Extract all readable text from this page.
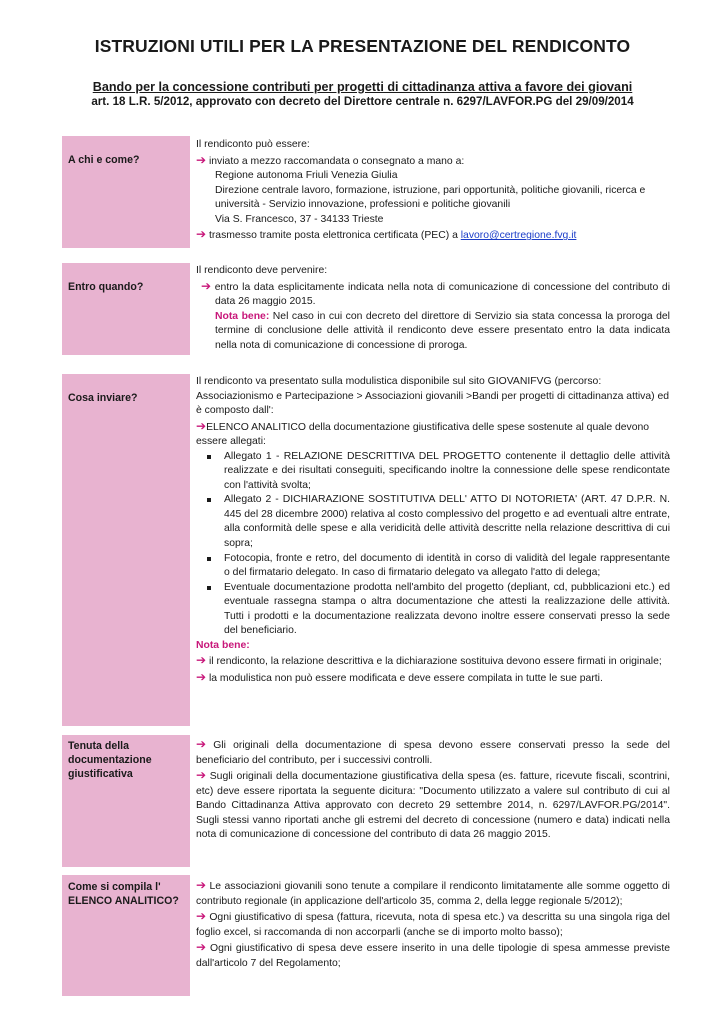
ISTRUZIONI UTILI PER LA PRESENTAZIONE DEL RENDICONTO
Bando per la concessione contributi per progetti di cittadinanza attiva a favore dei giovani
art. 18 L.R. 5/2012, approvato con decreto del Direttore centrale n. 6297/LAVFOR.PG del 29/09/2014
A chi e come?

Il rendiconto può essere:

➔ inviato a mezzo raccomandata o consegnato a mano a:

Regione autonoma Friuli Venezia Giulia

Direzione centrale lavoro, formazione, istruzione, pari opportunità, politiche giovanili, ricerca e università - Servizio innovazione, professioni e politiche giovanili

Via S. Francesco, 37 - 34133 Trieste

➔ trasmesso tramite posta elettronica certificata (PEC) a lavoro@certregione.fvg.it

Entro quando?

Il rendiconto deve pervenire:

➔ entro la data esplicitamente indicata nella nota di comunicazione di concessione del contributo di data 26 maggio 2015.

Nota bene: Nel caso in cui con decreto del direttore di Servizio sia stata concessa la proroga del termine di conclusione delle attività il rendiconto deve essere presentato entro la data indicata nella nota di comunicazione di concessione di proroga.

Cosa inviare?

Il rendiconto va presentato sulla modulistica disponibile sul sito GIOVANIFVG (percorso: Associazionismo e Partecipazione > Associazioni giovanili >Bandi per progetti di cittadinanza attiva) ed è composto dall':

➔ELENCO ANALITICO della documentazione giustificativa delle spese sostenute al quale devono essere allegati:

Allegato 1 - RELAZIONE DESCRITTIVA DEL PROGETTO contenente il dettaglio delle attività realizzate e dei risultati conseguiti, specificando inoltre la connessione delle spese rendicontate con l'attività svolta;
Allegato 2 - DICHIARAZIONE SOSTITUTIVA DELL' ATTO DI NOTORIETA' (ART. 47 D.P.R. N. 445 del 28 dicembre 2000) relativa al costo complessivo del progetto e ad eventuali altre entrate, alla conformità delle spese e alla veridicità delle attività descritte nella relazione descrittiva di cui sopra;
Fotocopia, fronte e retro, del documento di identità in corso di validità del legale rappresentante o del firmatario delegato. In caso di firmatario delegato va allegato l'atto di delega;
Eventuale documentazione prodotta nell'ambito del progetto (depliant, cd, pubblicazioni etc.) ed eventuale rassegna stampa o altra documentazione che attesti la realizzazione delle attività. Tutti i prodotti e la documentazione realizzata devono inoltre essere conservati presso la sede del beneficiario.

Nota bene:

➔ il rendiconto, la relazione descrittiva e la dichiarazione sostituiva devono essere firmati in originale;

➔ la modulistica non può essere modificata e deve essere compilata in tutte le sue parti.

Tenuta della
documentazione
giustificativa

➔ Gli originali della documentazione di spesa devono essere conservati presso la sede del beneficiario del contributo, per i successivi controlli.

➔ Sugli originali della documentazione giustificativa della spesa (es. fatture, ricevute fiscali, scontrini, etc) deve essere riportata la seguente dicitura: "Documento utilizzato a valere sul contributo di cui al Bando Cittadinanza Attiva approvato con decreto 29 settembre 2014, n. 6297/LAVFOR.PG/2014". Sugli stessi vanno riportati anche gli estremi del decreto di concessione (numero e data) indicati nella nota di comunicazione di concessione del contributo di data 26 maggio 2015.

Come si compila l'
ELENCO ANALITICO?

➔ Le associazioni giovanili sono tenute a compilare il rendiconto limitatamente alle somme oggetto di contributo regionale (in applicazione dell'articolo 35, comma 2, della legge regionale 5/2012);

➔ Ogni giustificativo di spesa (fattura, ricevuta, nota di spesa etc.) va descritta su una singola riga del foglio excel, si raccomanda di non accorparli (anche se di importo molto basso);

➔ Ogni giustificativo di spesa deve essere inserito in una delle tipologie di spesa ammesse previste dall'articolo 7 del Regolamento;
